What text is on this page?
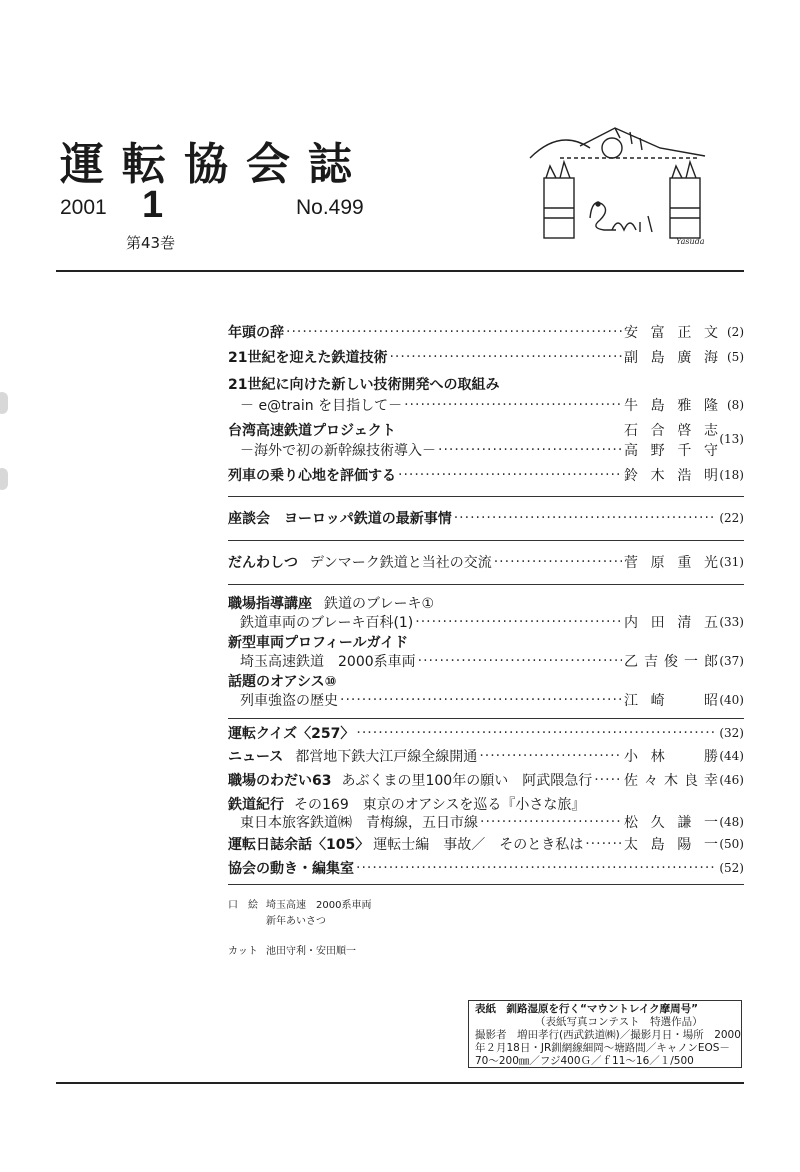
運転協会誌
2001 1
第43巻
No.499
Yasuda
年頭の辞 ·····	安富正文 (2)
21世紀を迎えた鉄道技術 ·····	副島廣海 (5)
21世紀に向けた新しい技術開発への取組み
－ e@train を目指して－ ·····	牛島雅隆 (8)
台湾高速鉄道プロジェクト	石合啓志 (13)
－海外で初の新幹線技術導入－ ·····	高野千守
列車の乗り心地を評価する ·····	鈴木浩明 (18)
座談会　ヨーロッパ鉄道の最新事情 ·····	(22)
だんわしつ デンマーク鉄道と当社の交流 ·····	菅原重光 (31)
職場指導講座 鉄道のブレーキ①
鉄道車両のブレーキ百科(1) ·····	内田清五 (33)
新型車両プロフィールガイド
埼玉高速鉄道　2000系車両 ·····	乙吉俊一郎 (37)
話題のオアシス⑩
列車強盗の歴史 ·····	江崎　昭 (40)
運転クイズ〈257〉 ·····	(32)
ニュース 都営地下鉄大江戸線全線開通 ·····	小林　勝 (44)
職場のわだい63 あぶくまの里100年の願い　阿武隈急行 ····· 佐々木良幸 (46)
鉄道紀行 その169　東京のオアシスを巡る『小さな旅』
東日本旅客鉄道㈱　青梅線，五日市線 ·····	松久謙一 (48)
運転日誌余話〈105〉 運転士編　事故／　そのとき私は ·····	太島陽一 (50)
協会の動き・編集室 ·····	(52)
口　絵 埼玉高速　2000系車両
新年あいさつ
カット 池田守利・安田順一
表紙　釧路湿原を行く“マウントレイク摩周号”
（表紙写真コンテスト　特選作品）
撮影者　増田孝行(西武鉄道㈱)／撮影月日・場所　2000
年２月18日・JR釧網線細岡～塘路間／キャノンEOS－
70～200㎜／フジ400Ｇ／ｆ11～16／１/500
